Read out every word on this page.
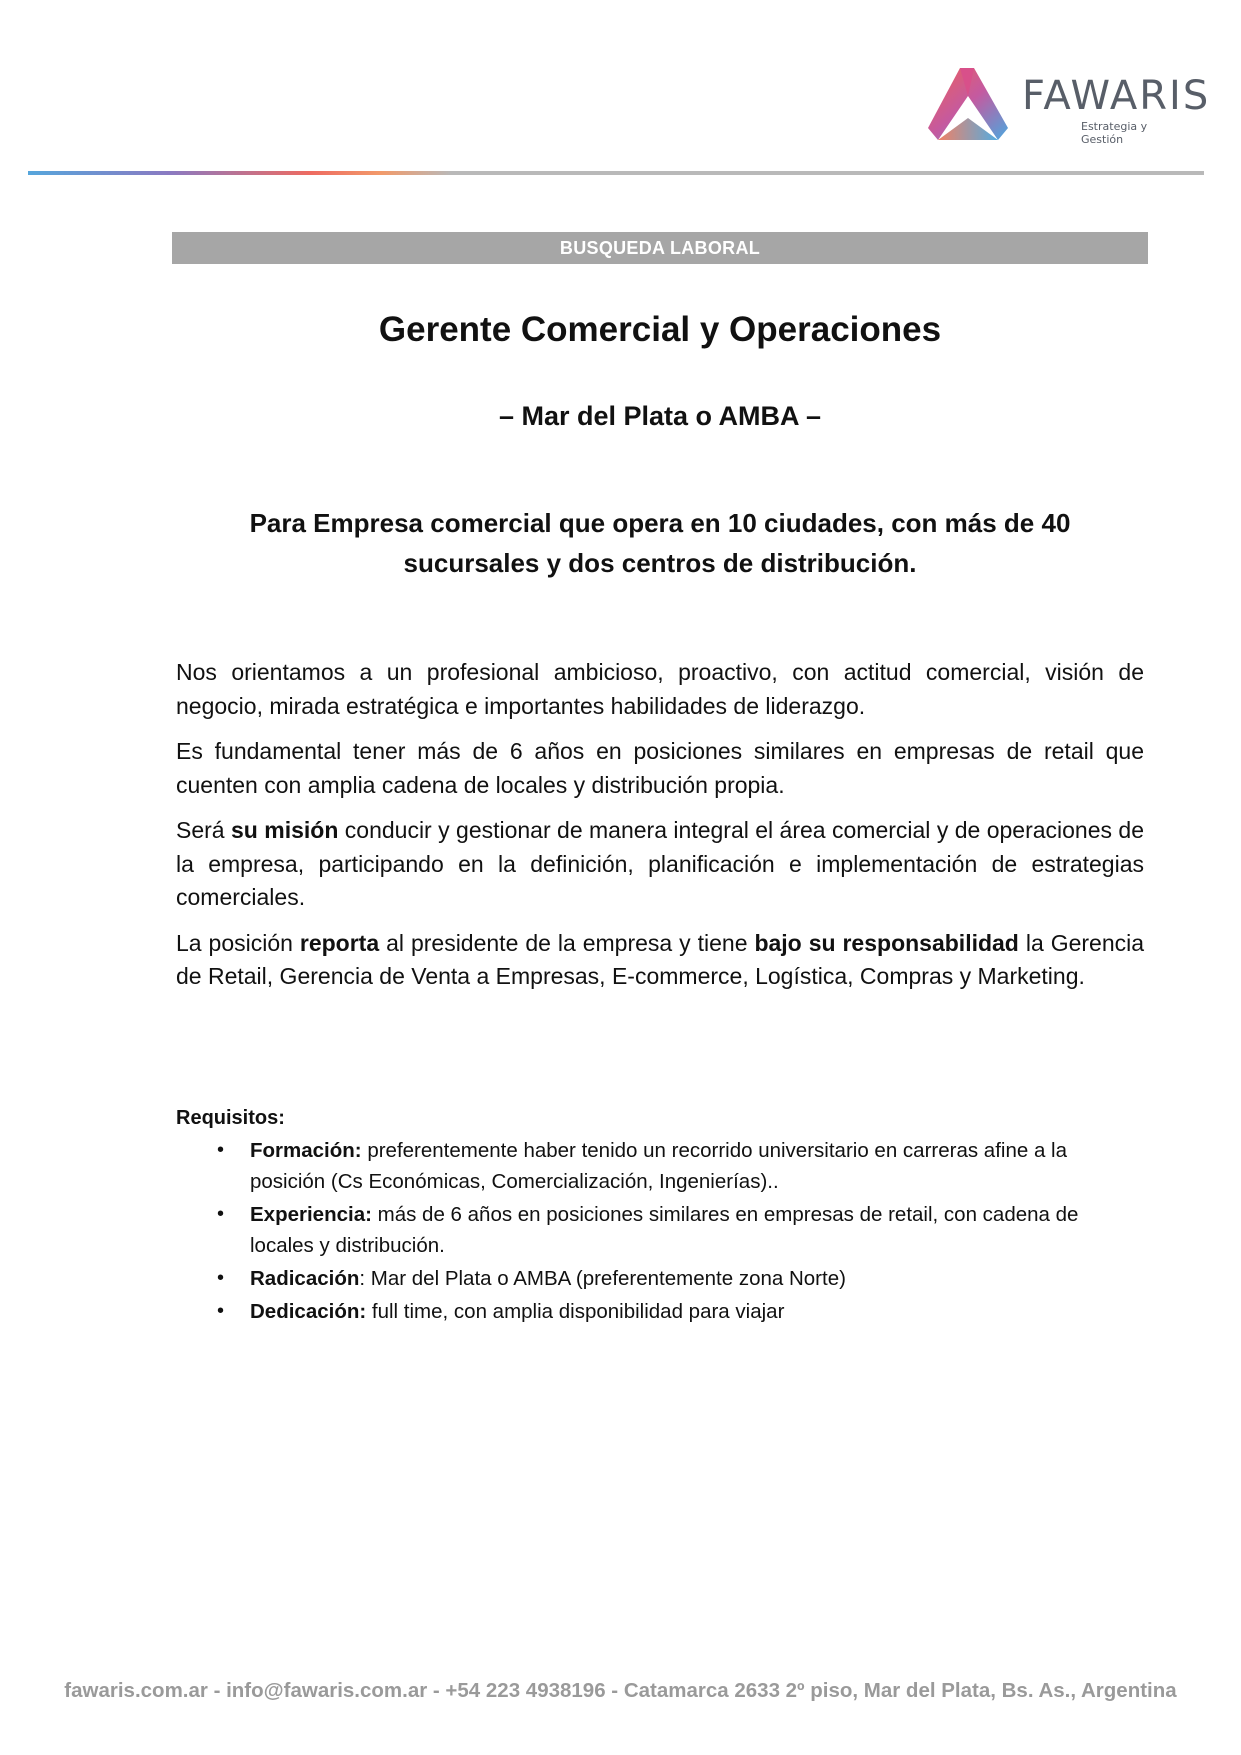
FAWARIS
Estrategia y Gestión
BUSQUEDA LABORAL
Gerente Comercial y Operaciones
– Mar del Plata o AMBA –
Para Empresa comercial que opera en 10 ciudades, con más de 40 sucursales y dos centros de distribución.

Nos orientamos a un profesional ambicioso, proactivo, con actitud comercial, visión de negocio, mirada estratégica e importantes habilidades de liderazgo.

Es fundamental tener más de 6 años en posiciones similares en empresas de retail que cuenten con amplia cadena de locales y distribución propia.

Será su misión conducir y gestionar de manera integral el área comercial y de operaciones de la empresa, participando en la definición, planificación e implementación de estrategias comerciales.

La posición reporta al presidente de la empresa y tiene bajo su responsabilidad la Gerencia de Retail, Gerencia de Venta a Empresas, E-commerce, Logística, Compras y Marketing.

Requisitos:
• Formación: preferentemente haber tenido un recorrido universitario en carreras afine a la posición (Cs Económicas, Comercialización, Ingenierías)..
• Experiencia: más de 6 años en posiciones similares en empresas de retail, con cadena de locales y distribución.
• Radicación: Mar del Plata o AMBA (preferentemente zona Norte)
• Dedicación: full time, con amplia disponibilidad para viajar
fawaris.com.ar - info@fawaris.com.ar - +54 223 4938196 - Catamarca 2633 2º piso, Mar del Plata, Bs. As., Argentina
